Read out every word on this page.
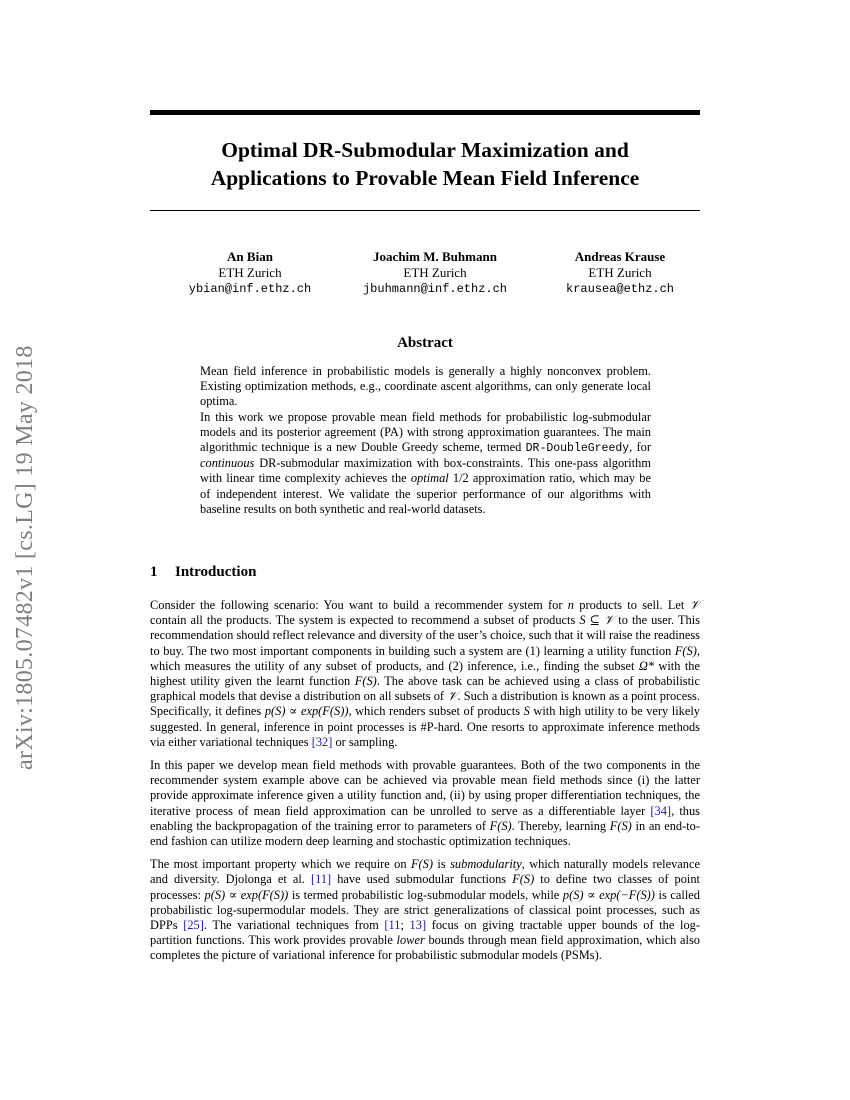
arXiv:1805.07482v1 [cs.LG] 19 May 2018
Optimal DR-Submodular Maximization and
Applications to Provable Mean Field Inference
An Bian
ETH Zurich
ybian@inf.ethz.ch
Joachim M. Buhmann
ETH Zurich
jbuhmann@inf.ethz.ch
Andreas Krause
ETH Zurich
krausea@ethz.ch
Abstract

Mean field inference in probabilistic models is generally a highly nonconvex problem. Existing optimization methods, e.g., coordinate ascent algorithms, can only generate local optima.

In this work we propose provable mean field methods for probabilistic log-submodular models and its posterior agreement (PA) with strong approximation guarantees. The main algorithmic technique is a new Double Greedy scheme, termed DR-DoubleGreedy, for continuous DR-submodular maximization with box-constraints. This one-pass algorithm with linear time complexity achieves the optimal 1/2 approximation ratio, which may be of independent interest. We validate the superior performance of our algorithms with baseline results on both synthetic and real-world datasets.

1 Introduction

Consider the following scenario: You want to build a recommender system for n products to sell. Let 𝒱 contain all the products. The system is expected to recommend a subset of products S ⊆ 𝒱 to the user. This recommendation should reflect relevance and diversity of the user’s choice, such that it will raise the readiness to buy. The two most important components in building such a system are (1) learning a utility function F(S), which measures the utility of any subset of products, and (2) inference, i.e., finding the subset Ω* with the highest utility given the learnt function F(S). The above task can be achieved using a class of probabilistic graphical models that devise a distribution on all subsets of 𝒱. Such a distribution is known as a point process. Specifically, it defines p(S) ∝ exp(F(S)), which renders subset of products S with high utility to be very likely suggested. In general, inference in point processes is #P-hard. One resorts to approximate inference methods via either variational techniques [32] or sampling.

In this paper we develop mean field methods with provable guarantees. Both of the two components in the recommender system example above can be achieved via provable mean field methods since (i) the latter provide approximate inference given a utility function and, (ii) by using proper differentiation techniques, the iterative process of mean field approximation can be unrolled to serve as a differentiable layer [34], thus enabling the backpropagation of the training error to parameters of F(S). Thereby, learning F(S) in an end-to-end fashion can utilize modern deep learning and stochastic optimization techniques.

The most important property which we require on F(S) is submodularity, which naturally models relevance and diversity. Djolonga et al. [11] have used submodular functions F(S) to define two classes of point processes: p(S) ∝ exp(F(S)) is termed probabilistic log-submodular models, while p(S) ∝ exp(−F(S)) is called probabilistic log-supermodular models. They are strict generalizations of classical point processes, such as DPPs [25]. The variational techniques from [11; 13] focus on giving tractable upper bounds of the log-partition functions. This work provides provable lower bounds through mean field approximation, which also completes the picture of variational inference for probabilistic submodular models (PSMs).
